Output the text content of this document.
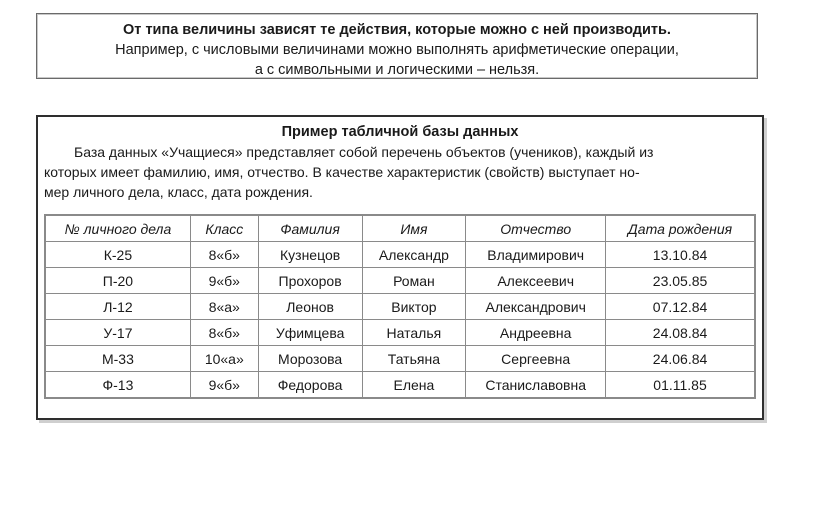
От типа величины зависят те действия, которые можно с ней производить.
Например, с числовыми величинами можно выполнять арифметические операции,
а с символьными и логическими – нельзя.
Пример табличной базы данных
База данных «Учащиеся» представляет собой перечень объектов (учеников), каждый из
которых имеет фамилию, имя, отчество. В качестве характеристик (свойств) выступает но-
мер личного дела, класс, дата рождения.
№ личного дела	Класс	Фамилия	Имя	Отчество	Дата рождения
К-25	8«б»	Кузнецов	Александр	Владимирович	13.10.84
П-20	9«б»	Прохоров	Роман	Алексеевич	23.05.85
Л-12	8«а»	Леонов	Виктор	Александрович	07.12.84
У-17	8«б»	Уфимцева	Наталья	Андреевна	24.08.84
М-33	10«а»	Морозова	Татьяна	Сергеевна	24.06.84
Ф-13	9«б»	Федорова	Елена	Станиславовна	01.11.85
